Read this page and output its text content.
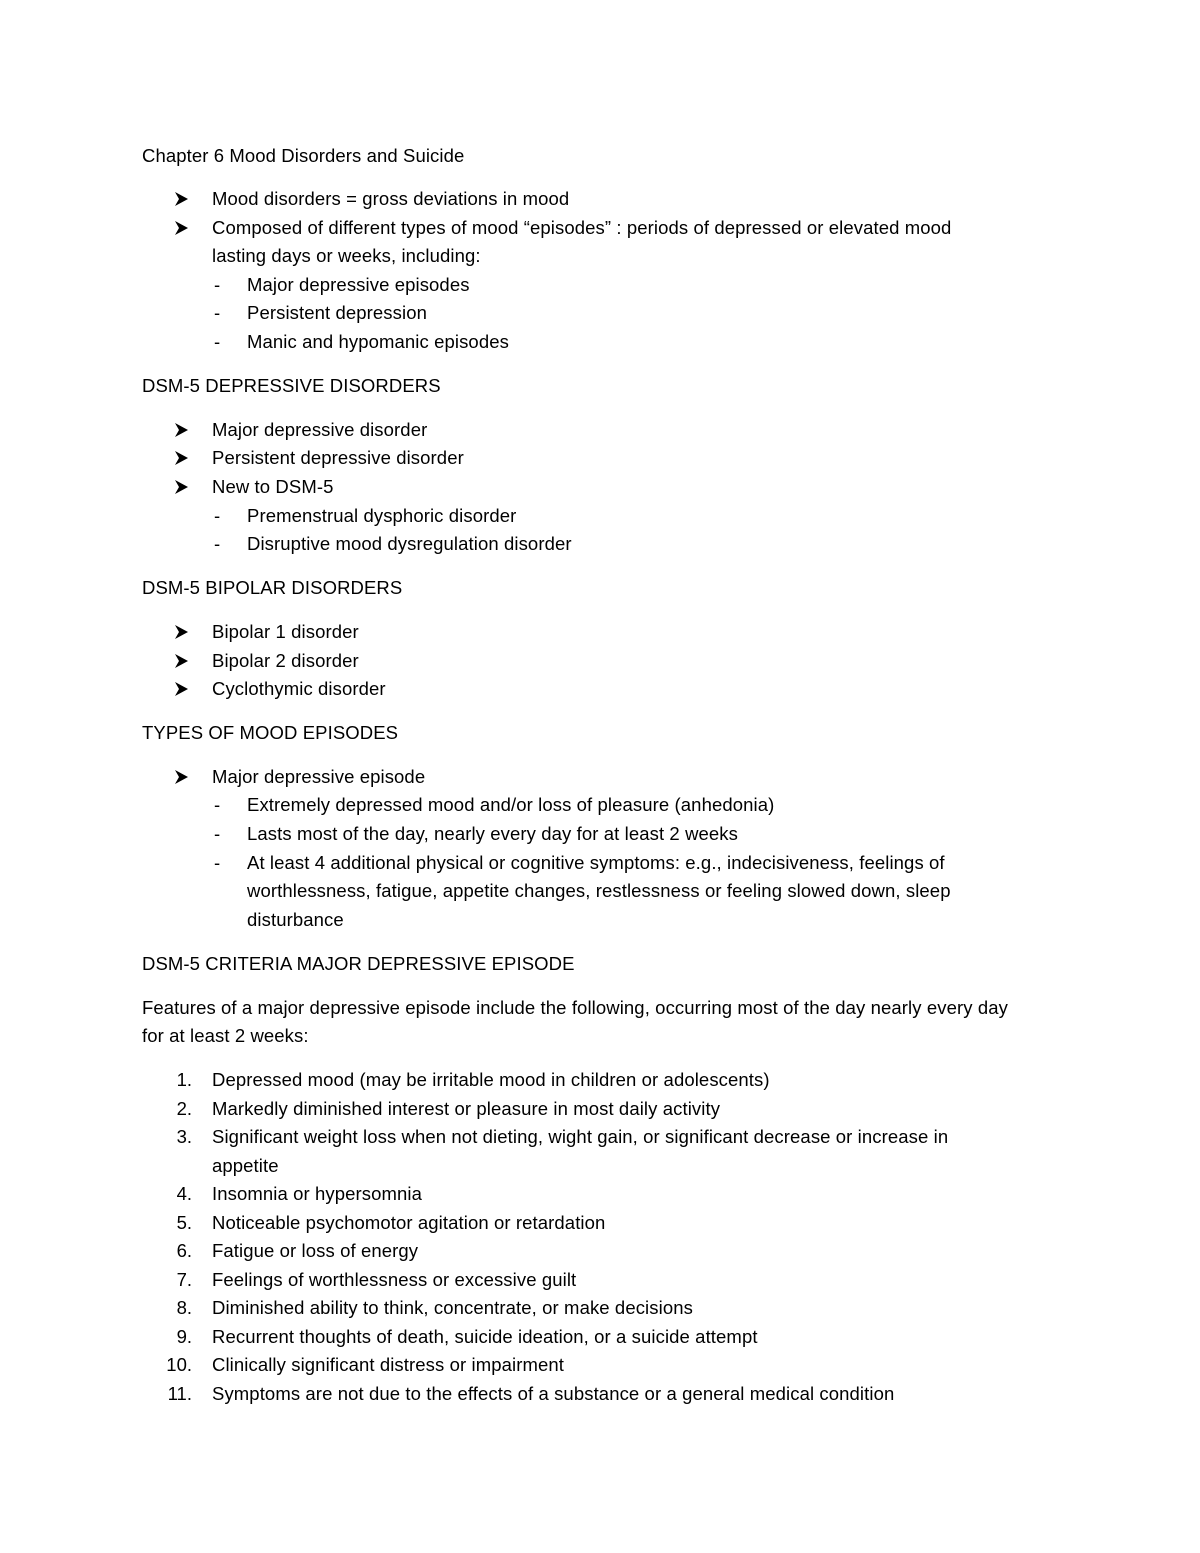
Chapter 6 Mood Disorders and Suicide
Mood disorders = gross deviations in mood
Composed of different types of mood “episodes” : periods of depressed or elevated mood
lasting days or weeks, including:
-	Major depressive episodes
-	Persistent depression
-	Manic and hypomanic episodes
DSM-5 DEPRESSIVE DISORDERS
Major depressive disorder
Persistent depressive disorder
New to DSM-5
-	Premenstrual dysphoric disorder
-	Disruptive mood dysregulation disorder
DSM-5 BIPOLAR DISORDERS
Bipolar 1 disorder
Bipolar 2 disorder
Cyclothymic disorder
TYPES OF MOOD EPISODES
Major depressive episode
-	Extremely depressed mood and/or loss of pleasure (anhedonia)
-	Lasts most of the day, nearly every day for at least 2 weeks
-	At least 4 additional physical or cognitive symptoms: e.g., indecisiveness, feelings of
worthlessness, fatigue, appetite changes, restlessness or feeling slowed down, sleep
disturbance
DSM-5 CRITERIA MAJOR DEPRESSIVE EPISODE
Features of a major depressive episode include the following, occurring most of the day nearly every day
for at least 2 weeks:
1. Depressed mood (may be irritable mood in children or adolescents)
2. Markedly diminished interest or pleasure in most daily activity
3. Significant weight loss when not dieting, wight gain, or significant decrease or increase in
appetite
4. Insomnia or hypersomnia
5. Noticeable psychomotor agitation or retardation
6. Fatigue or loss of energy
7. Feelings of worthlessness or excessive guilt
8. Diminished ability to think, concentrate, or make decisions
9. Recurrent thoughts of death, suicide ideation, or a suicide attempt
10. Clinically significant distress or impairment
11. Symptoms are not due to the effects of a substance or a general medical condition
